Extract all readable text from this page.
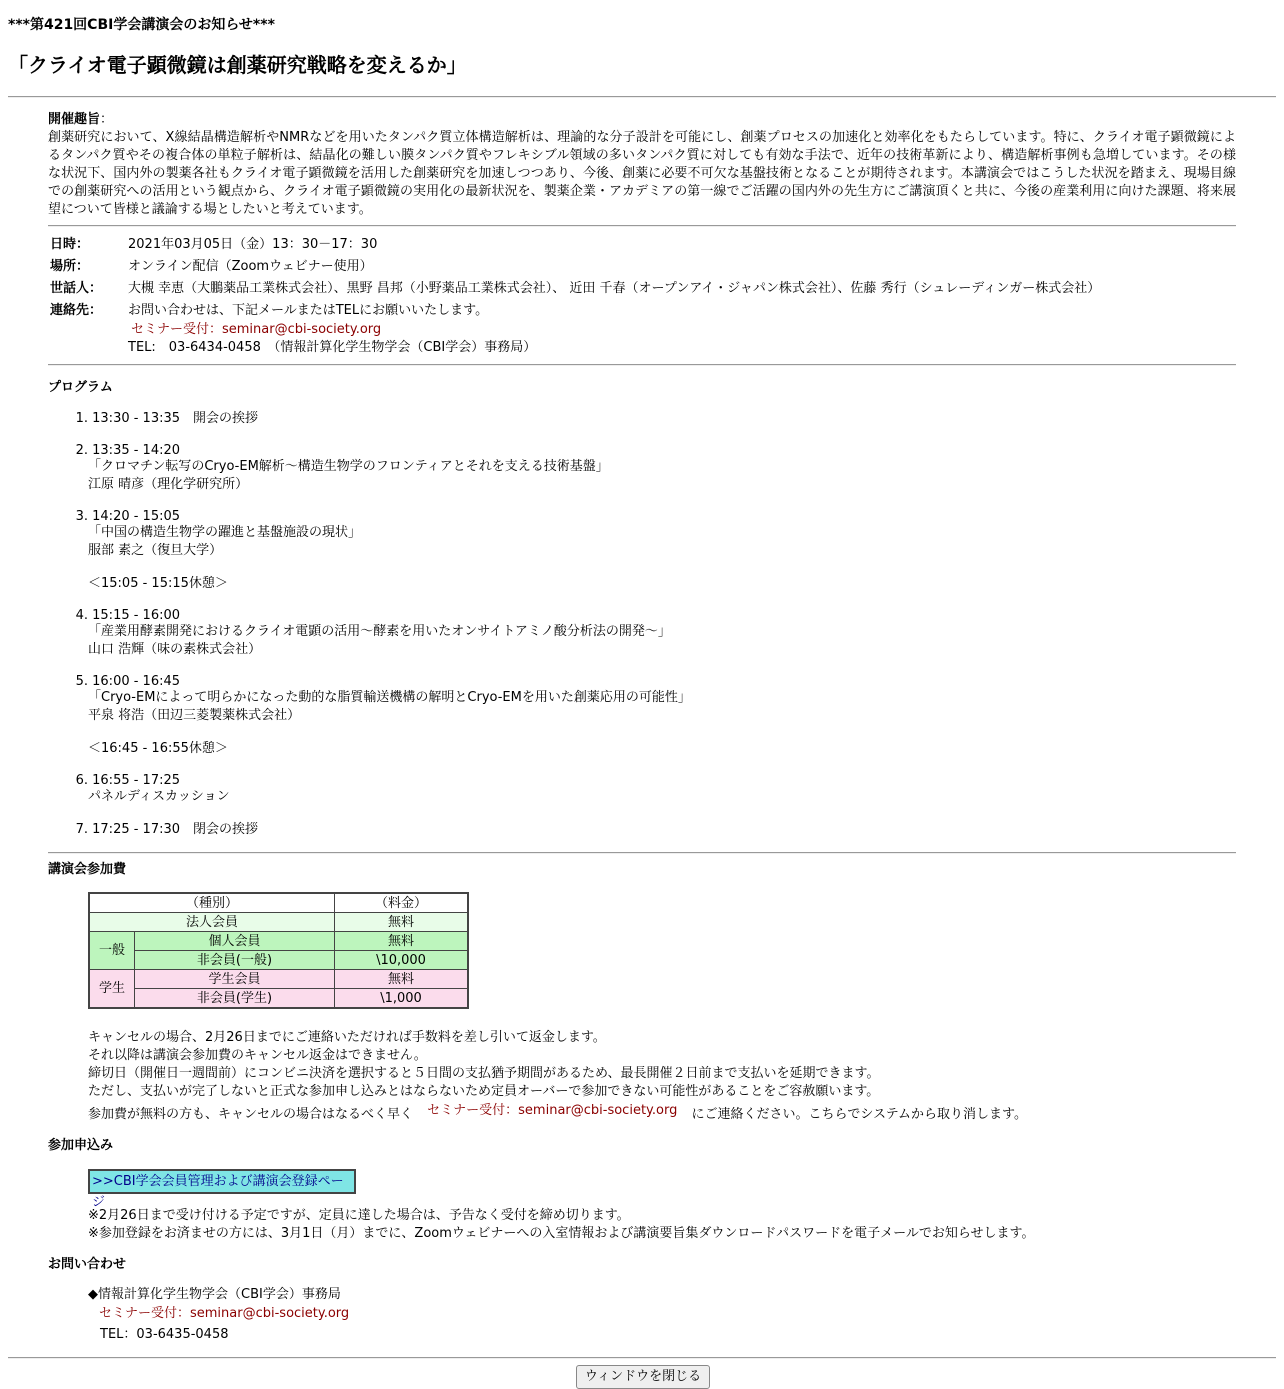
***第421回CBI学会講演会のお知らせ***
「クライオ電子顕微鏡は創薬研究戦略を変えるか」
開催趣旨：
創薬研究において、X線結晶構造解析やNMRなどを用いたタンパク質立体構造解析は、理論的な分子設計を可能にし、創薬プロセスの加速化と効率化をもたらしています。特に、クライオ電子顕微鏡によるタンパク質やその複合体の単粒子解析は、結晶化の難しい膜タンパク質やフレキシブル領域の多いタンパク質に対しても有効な手法で、近年の技術革新により、構造解析事例も急増しています。その様な状況下、国内外の製薬各社もクライオ電子顕微鏡を活用した創薬研究を加速しつつあり、今後、創薬に必要不可欠な基盤技術となることが期待されます。本講演会ではこうした状況を踏まえ、現場目線での創薬研究への活用という観点から、クライオ電子顕微鏡の実用化の最新状況を、製薬企業・アカデミアの第一線でご活躍の国内外の先生方にご講演頂くと共に、今後の産業利用に向けた課題、将来展望について皆様と議論する場としたいと考えています。
日時：	2021年03月05日（金）13：30－17：30
場所：	オンライン配信（Zoomウェビナー使用）
世話人：	大槻 幸恵（大鵬薬品工業株式会社）、黒野 昌邦（小野薬品工業株式会社）、 近田 千春（オープンアイ・ジャパン株式会社）、佐藤 秀行（シュレーディンガー株式会社）
連絡先：	お問い合わせは、下記メールまたはTELにお願いいたします。
セミナー受付：seminar@cbi-society.org
TEL:　03-6434-0458　（情報計算化学生物学会（CBI学会）事務局）
プログラム
1. 13:30 - 13:35　開会の挨拶
2. 13:35 - 14:20
「クロマチン転写のCryo-EM解析～構造生物学のフロンティアとそれを支える技術基盤」
江原 晴彦（理化学研究所）
3. 14:20 - 15:05
「中国の構造生物学の躍進と基盤施設の現状」
服部 素之（復旦大学）
＜15:05 - 15:15休憩＞
4. 15:15 - 16:00
「産業用酵素開発におけるクライオ電顕の活用～酵素を用いたオンサイトアミノ酸分析法の開発～」
山口 浩輝（味の素株式会社）
5. 16:00 - 16:45
「Cryo-EMによって明らかになった動的な脂質輸送機構の解明とCryo-EMを用いた創薬応用の可能性」
平泉 将浩（田辺三菱製薬株式会社）
＜16:45 - 16:55休憩＞
6. 16:55 - 17:25
パネルディスカッション
7. 17:25 - 17:30　閉会の挨拶
講演会参加費
（種別）		（料金）
法人会員		無料
一般	個人会員	無料
	非会員(一般)	\10,000
学生	学生会員	無料
	非会員(学生)	\1,000
キャンセルの場合、2月26日までにご連絡いただければ手数料を差し引いて返金します。
それ以降は講演会参加費のキャンセル返金はできません。
締切日（開催日一週間前）にコンビニ決済を選択すると５日間の支払猶予期間があるため、最長開催２日前まで支払いを延期できます。
ただし、支払いが完了しないと正式な参加申し込みとはならないため定員オーバーで参加できない可能性があることをご容赦願います。
参加費が無料の方も、キャンセルの場合はなるべく早く セミナー受付：seminar@cbi-society.org にご連絡ください。こちらでシステムから取り消します。
参加申込み
>>CBI学会会員管理および講演会登録ページ
※2月26日まで受け付ける予定ですが、定員に達した場合は、予告なく受付を締め切ります。
※参加登録をお済ませの方には、3月1日（月）までに、Zoomウェビナーへの入室情報および講演要旨集ダウンロードパスワードを電子メールでお知らせします。
お問い合わせ
◆情報計算化学生物学会（CBI学会）事務局
セミナー受付：seminar@cbi-society.org
TEL：03-6435-0458
ウィンドウを閉じる
